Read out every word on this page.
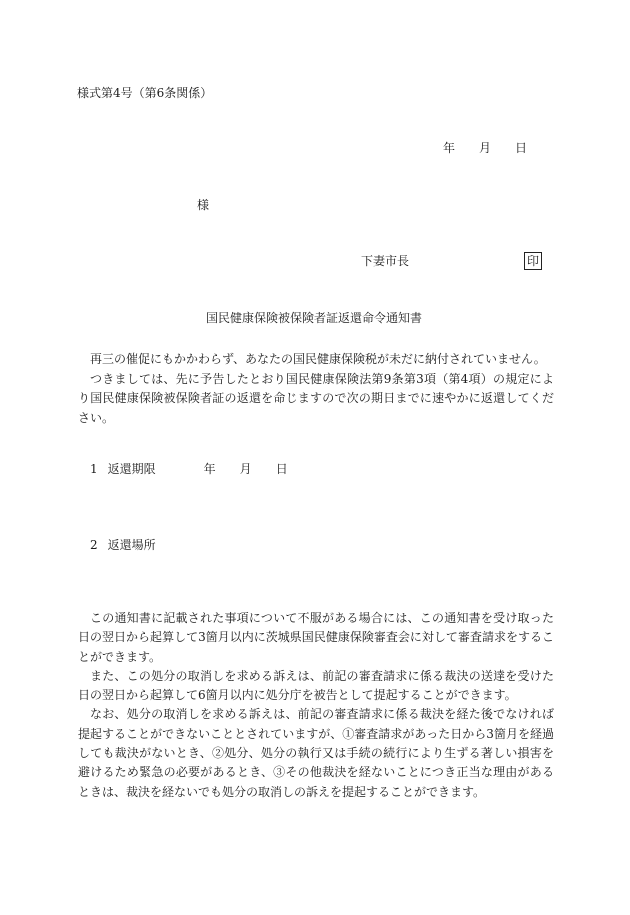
様式第4号（第6条関係）
年 月 日
様
下妻市長	印
国民健康保険被保険者証返還命令通知書

再三の催促にもかかわらず、あなたの国民健康保険税が未だに納付されていません。

つきましては、先に予告したとおり国民健康保険法第9条第3項（第4項）の規定により国民健康保険被保険者証の返還を命じますので次の期日までに速やかに返還してください。

1 返還期限	年 月 日
2 返還場所

この通知書に記載された事項について不服がある場合には、この通知書を受け取った日の翌日から起算して3箇月以内に茨城県国民健康保険審査会に対して審査請求をすることができます。

また、この処分の取消しを求める訴えは、前記の審査請求に係る裁決の送達を受けた日の翌日から起算して6箇月以内に処分庁を被告として提起することができます。

なお、処分の取消しを求める訴えは、前記の審査請求に係る裁決を経た後でなければ提起することができないこととされていますが、①審査請求があった日から3箇月を経過しても裁決がないとき、②処分、処分の執行又は手続の続行により生ずる著しい損害を避けるため緊急の必要があるとき、③その他裁決を経ないことにつき正当な理由があるときは、裁決を経ないでも処分の取消しの訴えを提起することができます。
